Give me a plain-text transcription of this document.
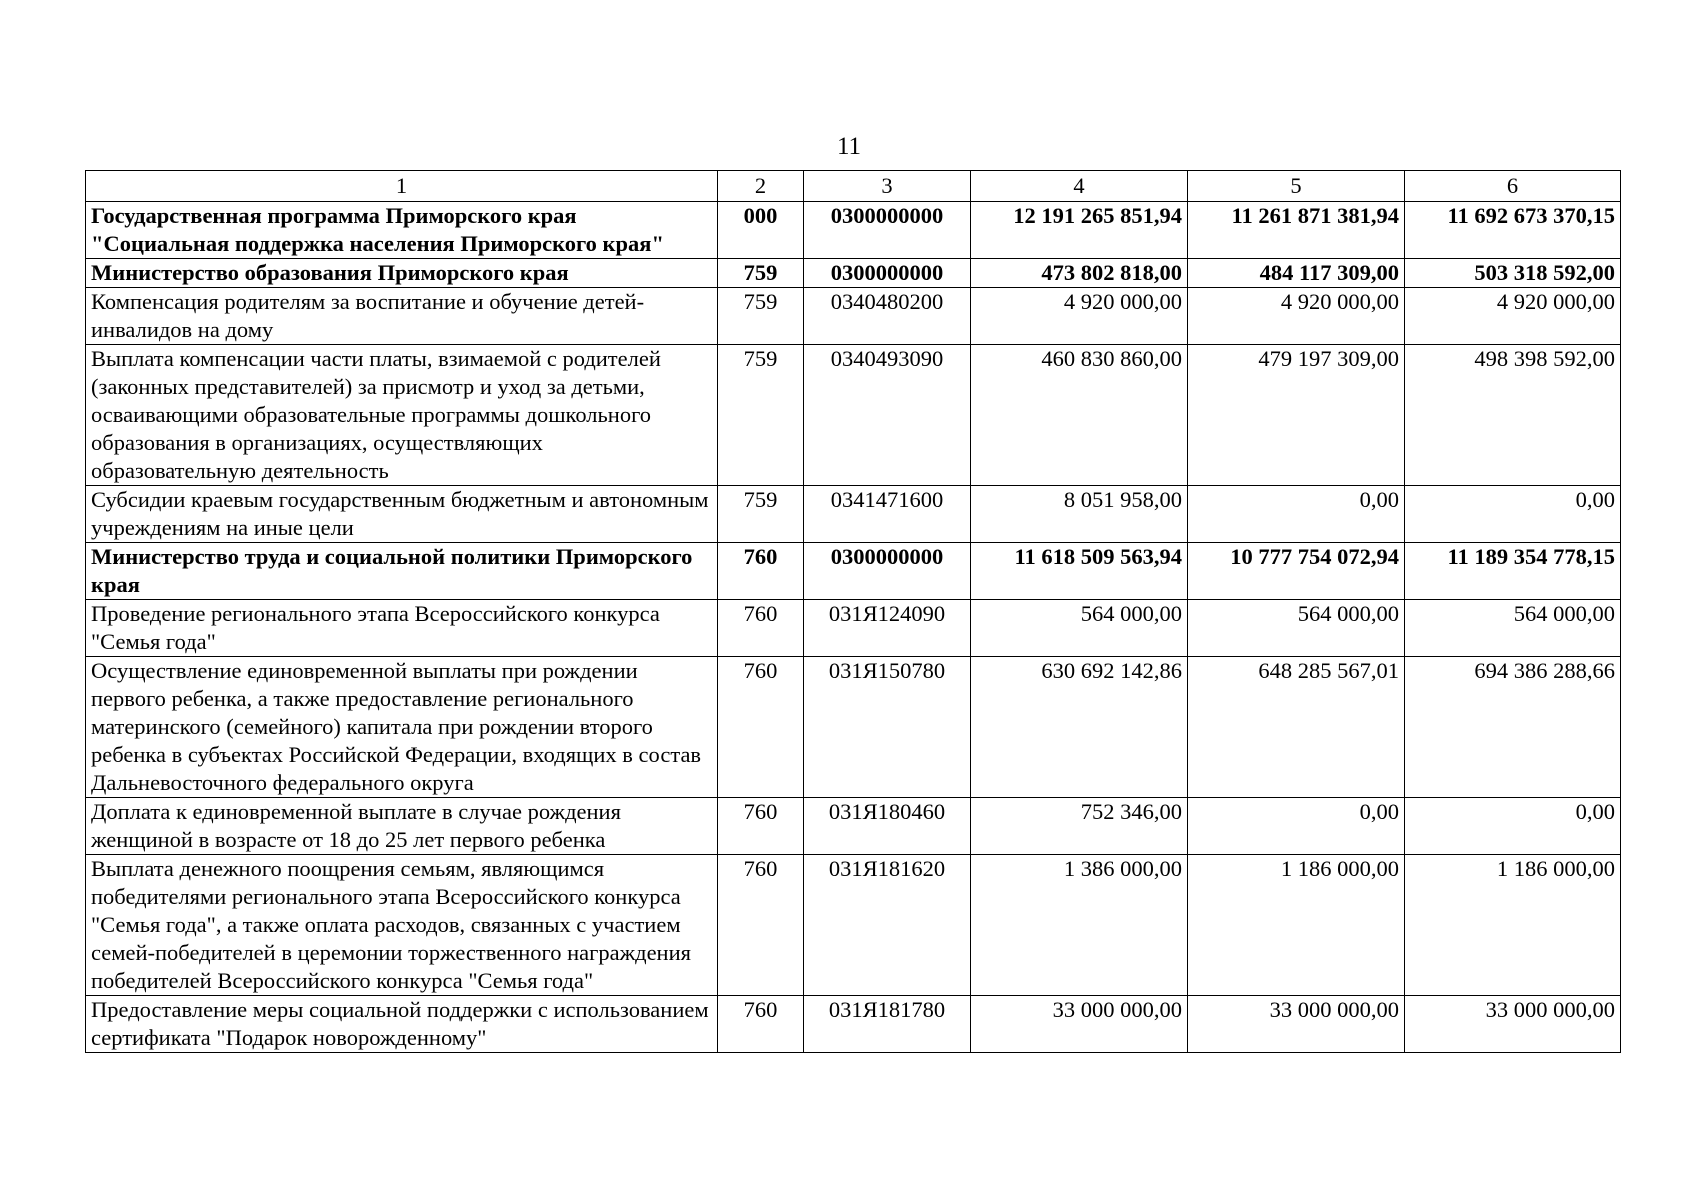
11
1	2	3	4	5	6
Государственная программа Приморского края "Социальная поддержка населения Приморского края"	000	0300000000	12 191 265 851,94	11 261 871 381,94	11 692 673 370,15
Министерство образования Приморского края	759	0300000000	473 802 818,00	484 117 309,00	503 318 592,00
Компенсация родителям за воспитание и обучение детей-инвалидов на дому	759	0340480200	4 920 000,00	4 920 000,00	4 920 000,00
Выплата компенсации части платы, взимаемой с родителей (законных представителей) за присмотр и уход за детьми, осваивающими образовательные программы дошкольного образования в организациях, осуществляющих образовательную деятельность	759	0340493090	460 830 860,00	479 197 309,00	498 398 592,00
Субсидии краевым государственным бюджетным и автономным учреждениям на иные цели	759	0341471600	8 051 958,00	0,00	0,00
Министерство труда и социальной политики Приморского края	760	0300000000	11 618 509 563,94	10 777 754 072,94	11 189 354 778,15
Проведение регионального этапа Всероссийского конкурса "Семья года"	760	031Я124090	564 000,00	564 000,00	564 000,00
Осуществление единовременной выплаты при рождении первого ребенка, а также предоставление регионального материнского (семейного) капитала при рождении второго ребенка в субъектах Российской Федерации, входящих в состав Дальневосточного федерального округа	760	031Я150780	630 692 142,86	648 285 567,01	694 386 288,66
Доплата к единовременной выплате в случае рождения женщиной в возрасте от 18 до 25 лет первого ребенка	760	031Я180460	752 346,00	0,00	0,00
Выплата денежного поощрения семьям, являющимся победителями регионального этапа Всероссийского конкурса "Семья года", а также оплата расходов, связанных с участием семей-победителей в церемонии торжественного награждения победителей Всероссийского конкурса "Семья года"	760	031Я181620	1 386 000,00	1 186 000,00	1 186 000,00
Предоставление меры социальной поддержки с использованием сертификата "Подарок новорожденному"	760	031Я181780	33 000 000,00	33 000 000,00	33 000 000,00
